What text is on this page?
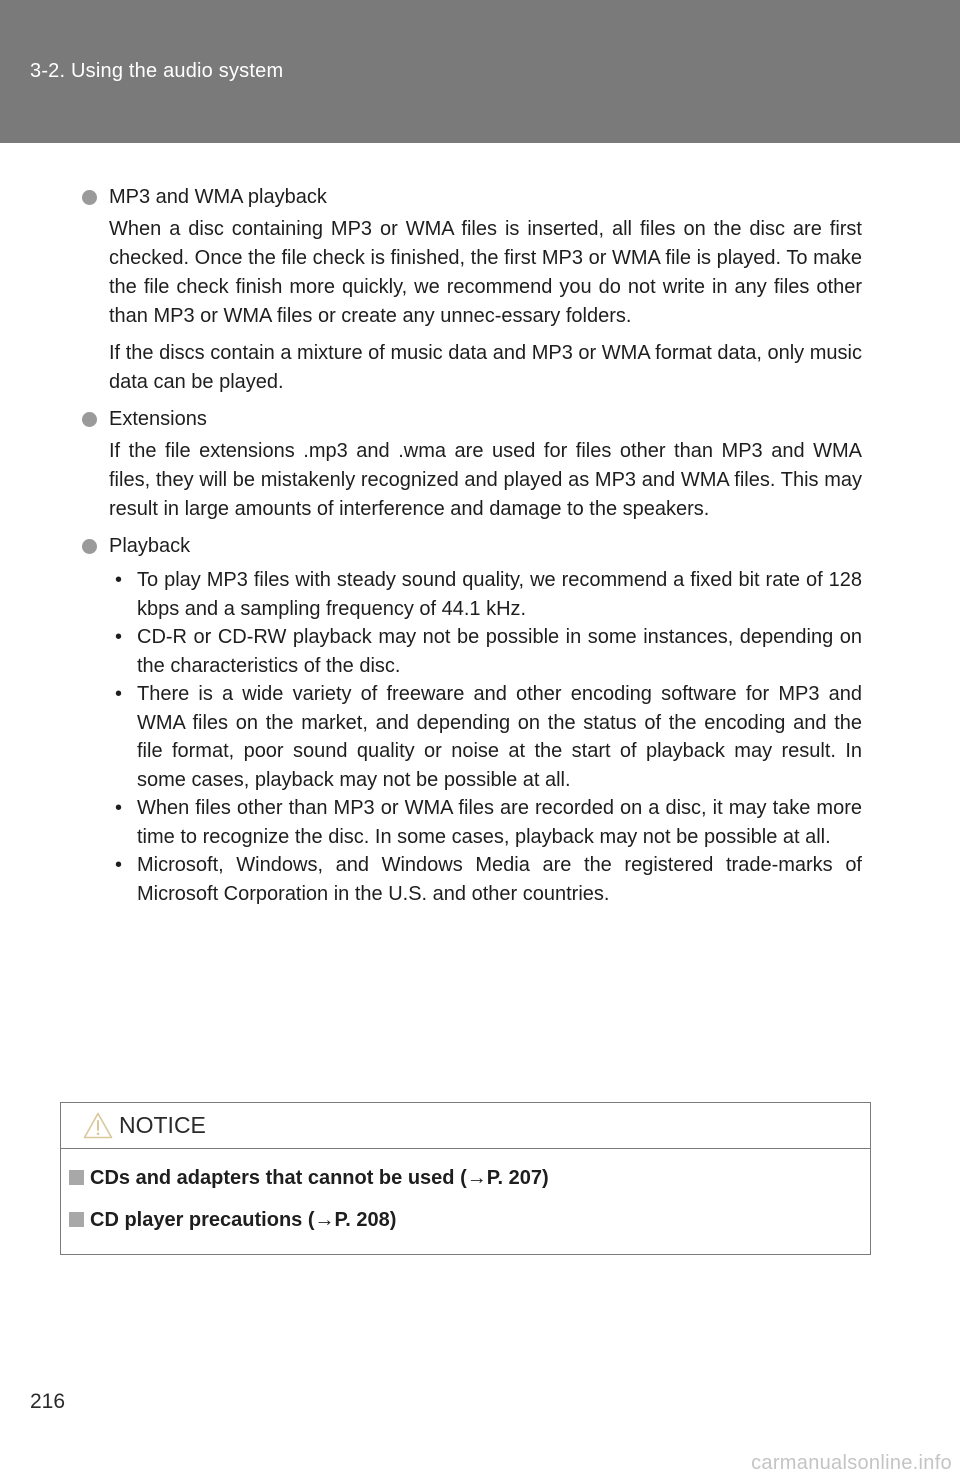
3-2. Using the audio system

MP3 and WMA playback

When a disc containing MP3 or WMA files is inserted, all files on the disc are first checked. Once the file check is finished, the first MP3 or WMA file is played. To make the file check finish more quickly, we recommend you do not write in any files other than MP3 or WMA files or create any unnec-essary folders.

If the discs contain a mixture of music data and MP3 or WMA format data, only music data can be played.

Extensions

If the file extensions .mp3 and .wma are used for files other than MP3 and WMA files, they will be mistakenly recognized and played as MP3 and WMA files. This may result in large amounts of interference and damage to the speakers.

Playback

• To play MP3 files with steady sound quality, we recommend a fixed bit rate of 128 kbps and a sampling frequency of 44.1 kHz.
• CD-R or CD-RW playback may not be possible in some instances, depending on the characteristics of the disc.
• There is a wide variety of freeware and other encoding software for MP3 and WMA files on the market, and depending on the status of the encoding and the file format, poor sound quality or noise at the start of playback may result. In some cases, playback may not be possible at all.
• When files other than MP3 or WMA files are recorded on a disc, it may take more time to recognize the disc. In some cases, playback may not be possible at all.
• Microsoft, Windows, and Windows Media are the registered trade-marks of Microsoft Corporation in the U.S. and other countries.
NOTICE
CDs and adapters that cannot be used (→P. 207)
CD player precautions (→P. 208)
216
carmanualsonline.info
